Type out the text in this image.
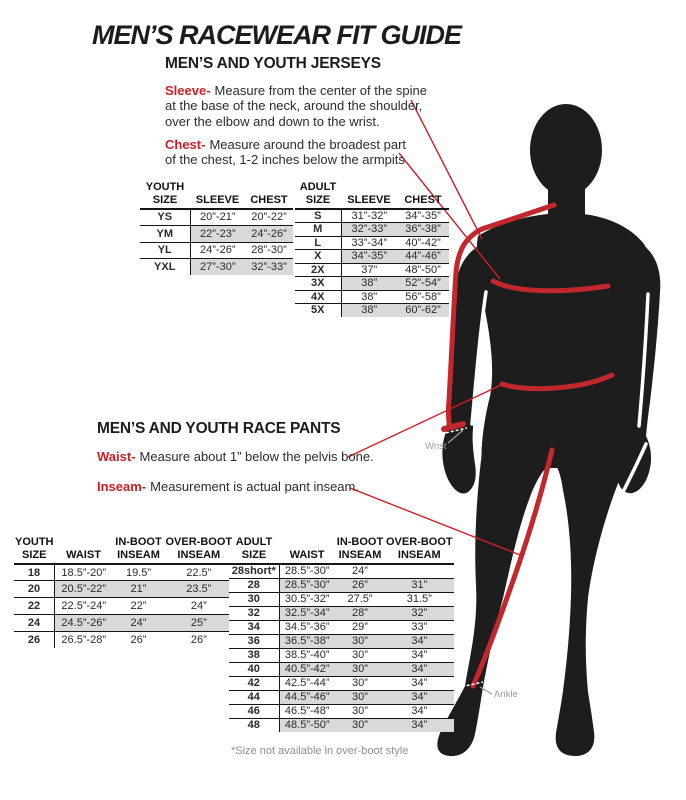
MEN’S RACEWEAR FIT GUIDE
MEN’S AND YOUTH JERSEYS
Sleeve- Measure from the center of the spine
at the base of the neck, around the shoulder,
over the elbow and down to the wrist.
Chest- Measure around the broadest part
of the chest, 1-2 inches below the armpits
YOUTH		
SIZE	SLEEVE	CHEST
YS	20”-21”	20”-22”
YM	22”-23”	24”-26”
YL	24”-26”	28”-30”
YXL	27”-30”	32”-33”
ADULT		
SIZE	SLEEVE	CHEST
S	31”-32”	34”-35”
M	32”-33”	36”-38”
L	33”-34”	40”-42”
X	34”-35”	44”-46”
2X	37”	48”-50”
3X	38”	52”-54”
4X	38”	56”-58”
5X	38”	60”-62”
MEN’S AND YOUTH RACE PANTS
Waist- Measure about 1” below the pelvis bone.
Inseam- Measurement is actual pant inseam.
YOUTH		IN-BOOT	OVER-BOOT
SIZE	WAIST	INSEAM	INSEAM
18	18.5”-20”	19.5”	22.5”
20	20.5”-22”	21”	23.5”
22	22.5”-24”	22”	24”
24	24.5”-26”	24”	25”
26	26.5”-28”	26”	26”
ADULT		IN-BOOT	OVER-BOOT
SIZE	WAIST	INSEAM	INSEAM
28short*	28.5”-30”	24”	
28	28.5”-30”	26”	31”
30	30.5”-32”	27.5”	31.5”
32	32.5”-34”	28”	32”
34	34.5”-36”	29”	33”
36	36.5”-38”	30”	34”
38	38.5”-40”	30”	34”
40	40.5”-42”	30”	34”
42	42.5”-44”	30”	34”
44	44.5”-46”	30”	34”
46	46.5”-48”	30”	34”
48	48.5”-50”	30”	34”
*Size not available in over-boot style
Wrist
Ankle
